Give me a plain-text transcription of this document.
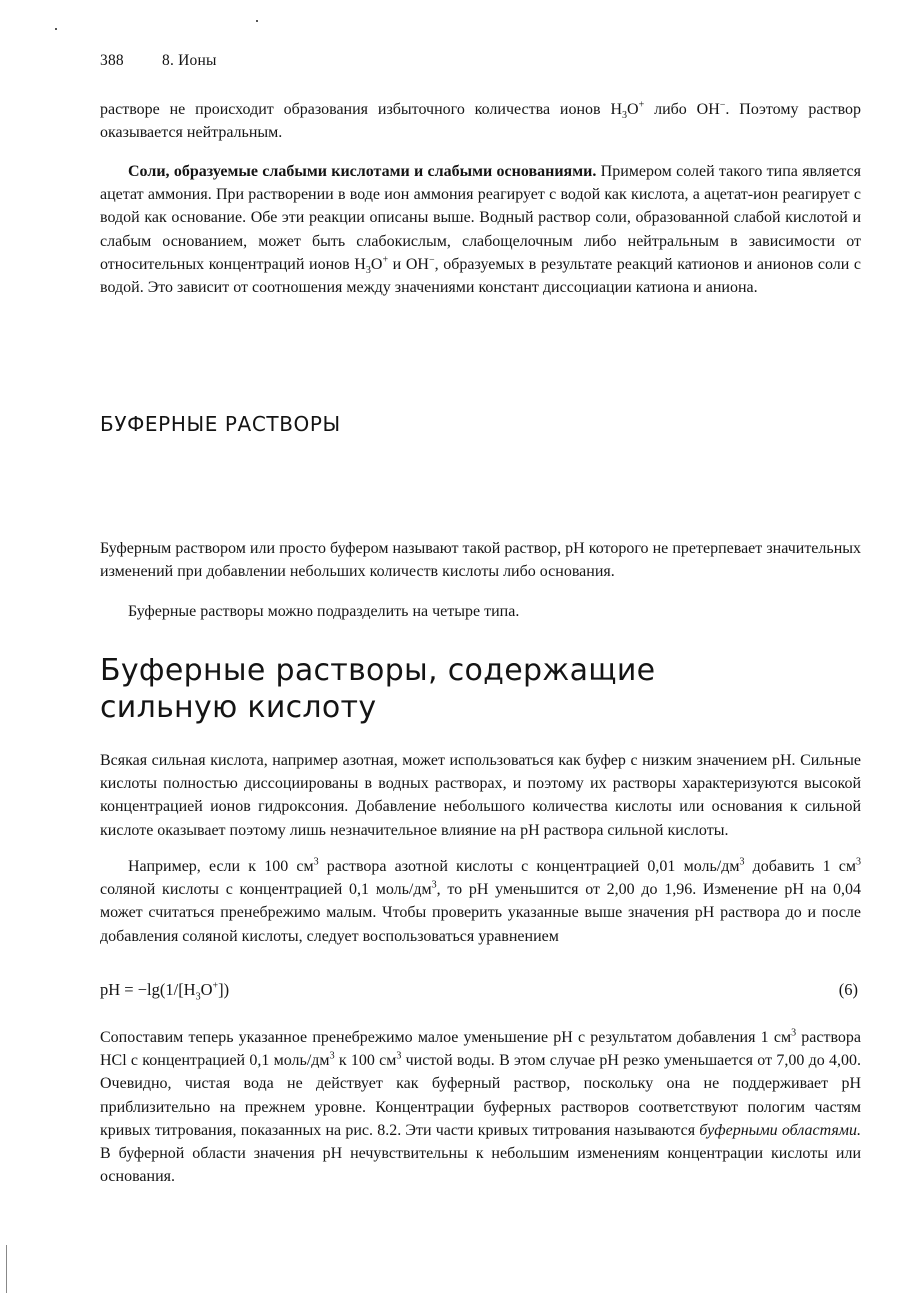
388 8. Ионы

растворе не происходит образования избыточного количества ионов $H_3O^+$ либо OH−. Поэтому раствор оказывается нейтральным.

Соли, образуемые слабыми кислотами и слабыми основаниями. Примером солей такого типа является ацетат аммония. При растворении в воде ион аммония реагирует с водой как кислота, а ацетат-ион реагирует с водой как основание. Обе эти реакции описаны выше. Водный раствор соли, образованной слабой кислотой и слабым основанием, может быть слабокислым, слабощелочным либо нейтральным в зависимости от относительных концентраций ионов $H_3O^+$ и OH−, образуемых в результате реакций катионов и анионов соли с водой. Это зависит от соотношения между значениями констант диссоциации катиона и аниона.

БУФЕРНЫЕ РАСТВОРЫ

Буферным раствором или просто буфером называют такой раствор, pH которого не претерпевает значительных изменений при добавлении небольших количеств кислоты либо основания.

Буферные растворы можно подразделить на четыре типа.

Буферные растворы, содержащие сильную кислоту

Всякая сильная кислота, например азотная, может использоваться как буфер с низким значением pH. Сильные кислоты полностью диссоциированы в водных растворах, и поэтому их растворы характеризуются высокой концентрацией ионов гидроксония. Добавление небольшого количества кислоты или основания к сильной кислоте оказывает поэтому лишь незначительное влияние на pH раствора сильной кислоты.

Например, если к 100 $см^3$ раствора азотной кислоты с концентрацией 0,01 моль/$дм^3$ добавить 1 $см^3$ соляной кислоты с концентрацией 0,1 моль/$дм^3$, то pH уменьшится от 2,00 до 1,96. Изменение pH на 0,04 может считаться пренебрежимо малым. Чтобы проверить указанные выше значения pH раствора до и после добавления соляной кислоты, следует воспользоваться уравнением

pH = $-\lg(1/[H_3O^+])$	(6)

Сопоставим теперь указанное пренебрежимо малое уменьшение pH с результатом добавления 1 $см^3$ раствора HCl с концентрацией 0,1 моль/$дм^3$ к 100 $см^3$ чистой воды. В этом случае pH резко уменьшается от 7,00 до 4,00. Очевидно, чистая вода не действует как буферный раствор, поскольку она не поддерживает pH приблизительно на прежнем уровне. Концентрации буферных растворов соответствуют пологим частям кривых титрования, показанных на рис. 8.2. Эти части кривых титрования называются буферными областями. В буферной области значения pH нечувствительны к небольшим изменениям концентрации кислоты или основания.
